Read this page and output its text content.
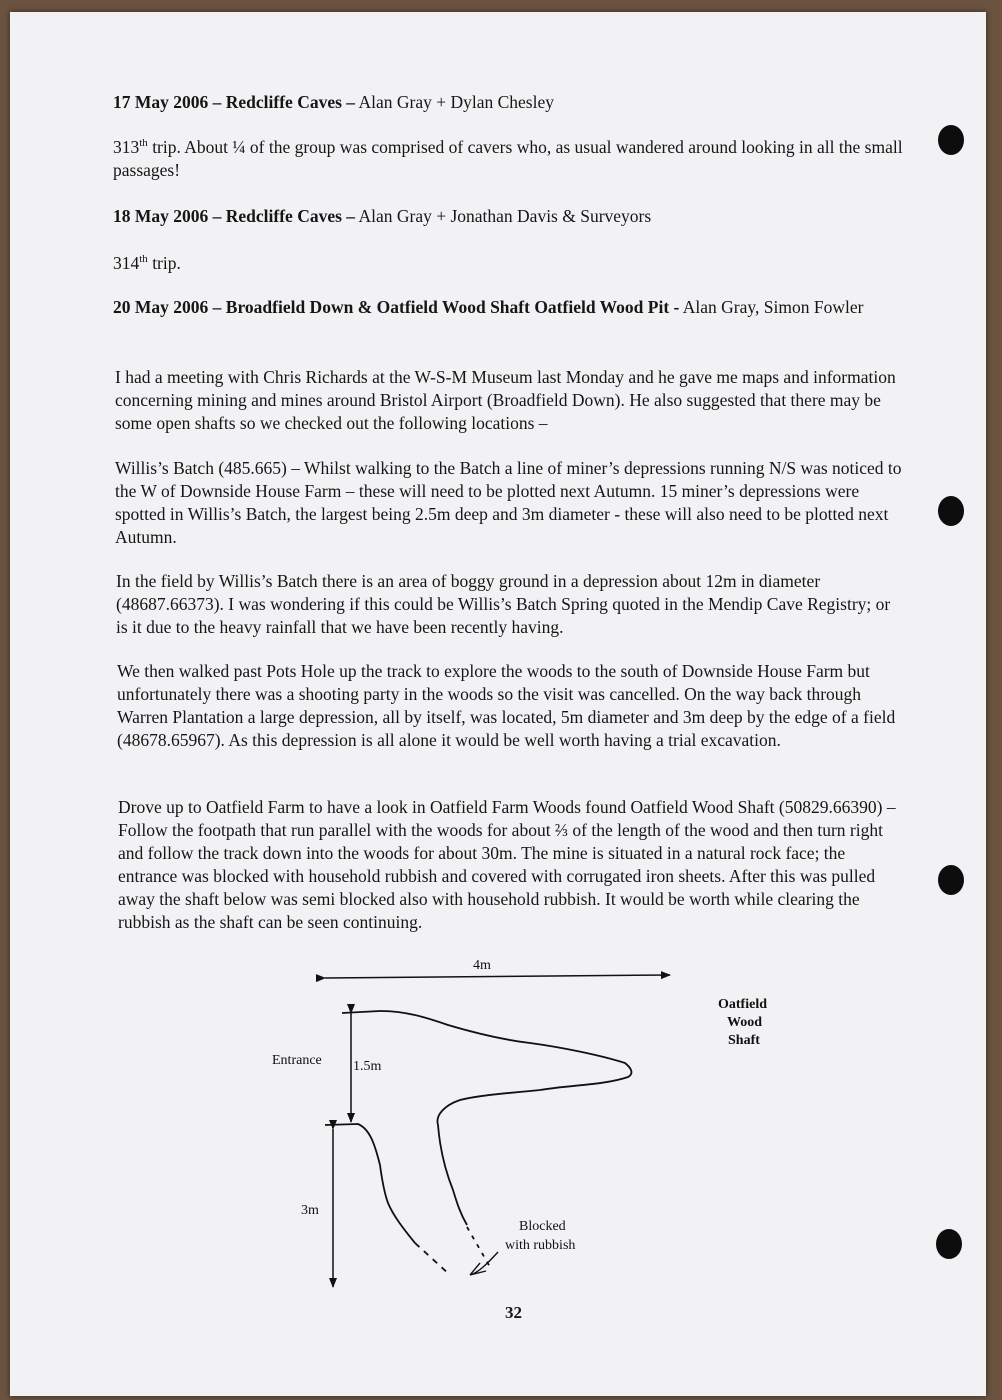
17 May 2006 – Redcliffe Caves – Alan Gray + Dylan Chesley

313th trip. About ¼ of the group was comprised of cavers who, as usual wandered around looking in all the small passages!

18 May 2006 – Redcliffe Caves – Alan Gray + Jonathan Davis & Surveyors

314th trip.

20 May 2006 – Broadfield Down & Oatfield Wood Shaft Oatfield Wood Pit - Alan Gray, Simon Fowler

I had a meeting with Chris Richards at the W-S-M Museum last Monday and he gave me maps and information concerning mining and mines around Bristol Airport (Broadfield Down). He also suggested that there may be some open shafts so we checked out the following locations –

Willis’s Batch (485.665) – Whilst walking to the Batch a line of miner’s depressions running N/S was noticed to the W of Downside House Farm – these will need to be plotted next Autumn. 15 miner’s depressions were spotted in Willis’s Batch, the largest being 2.5m deep and 3m diameter - these will also need to be plotted next Autumn.

In the field by Willis’s Batch there is an area of boggy ground in a depression about 12m in diameter (48687.66373). I was wondering if this could be Willis’s Batch Spring quoted in the Mendip Cave Registry; or is it due to the heavy rainfall that we have been recently having.

We then walked past Pots Hole up the track to explore the woods to the south of Downside House Farm but unfortunately there was a shooting party in the woods so the visit was cancelled. On the way back through Warren Plantation a large depression, all by itself, was located, 5m diameter and 3m deep by the edge of a field (48678.65967). As this depression is all alone it would be well worth having a trial excavation.

Drove up to Oatfield Farm to have a look in Oatfield Farm Woods found Oatfield Wood Shaft (50829.66390) – Follow the footpath that run parallel with the woods for about ⅔ of the length of the wood and then turn right and follow the track down into the woods for about 30m. The mine is situated in a natural rock face; the entrance was blocked with household rubbish and covered with corrugated iron sheets. After this was pulled away the shaft below was semi blocked also with household rubbish. It would be worth while clearing the rubbish as the shaft can be seen continuing.

4m
Entrance 1.5m
3m
Oatfield
Wood
Shaft
Blocked
with rubbish
32
